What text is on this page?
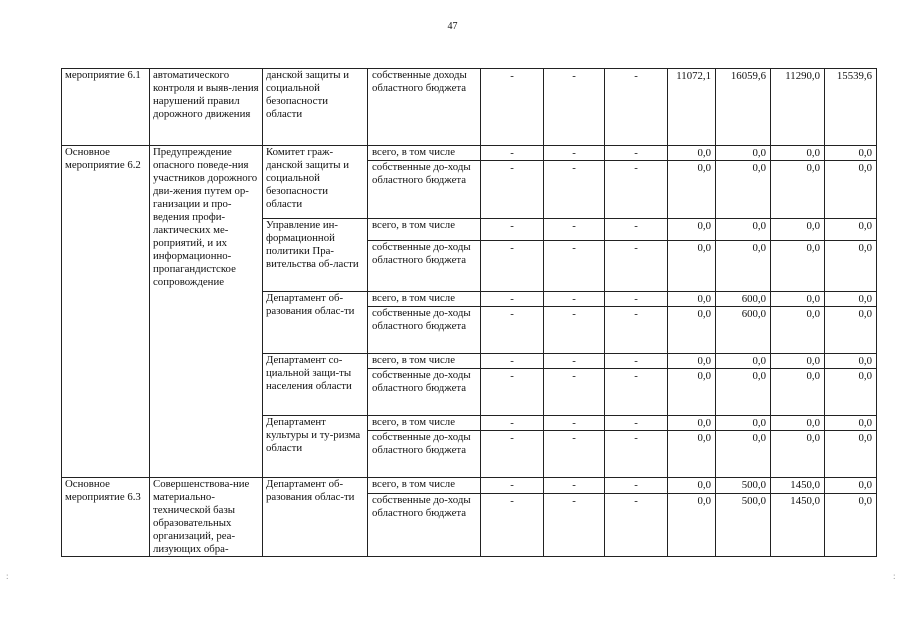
47
мероприятие 6.1	автоматического контроля и выяв-ления нарушений правил дорожного движения	данской защиты и социальной безопасности области	собственные доходы областного бюджета	-	-	-	11072,1	16059,6	11290,0	15539,6
Основное мероприятие 6.2	Предупреждение опасного поведе-ния участников дорожного дви-жения путем ор-ганизации и про-ведения профи-лактических ме-роприятий, и их информационно-пропагандистское сопровождение	Комитет граж-данской защиты и социальной безопасности области	всего, в том числе	-	-	-	0,0	0,0	0,0	0,0
			собственные до-ходы областного бюджета	-	-	-	0,0	0,0	0,0	0,0
		Управление ин-формационной политики Пра-вительства об-ласти	всего, в том числе	-	-	-	0,0	0,0	0,0	0,0
			собственные до-ходы областного бюджета	-	-	-	0,0	0,0	0,0	0,0
		Департамент об-разования облас-ти	всего, в том числе	-	-	-	0,0	600,0	0,0	0,0
			собственные до-ходы областного бюджета	-	-	-	0,0	600,0	0,0	0,0
		Департамент со-циальной защи-ты населения области	всего, в том числе	-	-	-	0,0	0,0	0,0	0,0
			собственные до-ходы областного бюджета	-	-	-	0,0	0,0	0,0	0,0
		Департамент культуры и ту-ризма области	всего, в том числе	-	-	-	0,0	0,0	0,0	0,0
			собственные до-ходы областного бюджета	-	-	-	0,0	0,0	0,0	0,0
Основное мероприятие 6.3	Совершенствова-ние материально-технической базы образовательных организаций, реа-лизующих обра-	Департамент об-разования облас-ти	всего, в том числе	-	-	-	0,0	500,0	1450,0	0,0
			собственные до-ходы областного бюджета	-	-	-	0,0	500,0	1450,0	0,0
:	:
